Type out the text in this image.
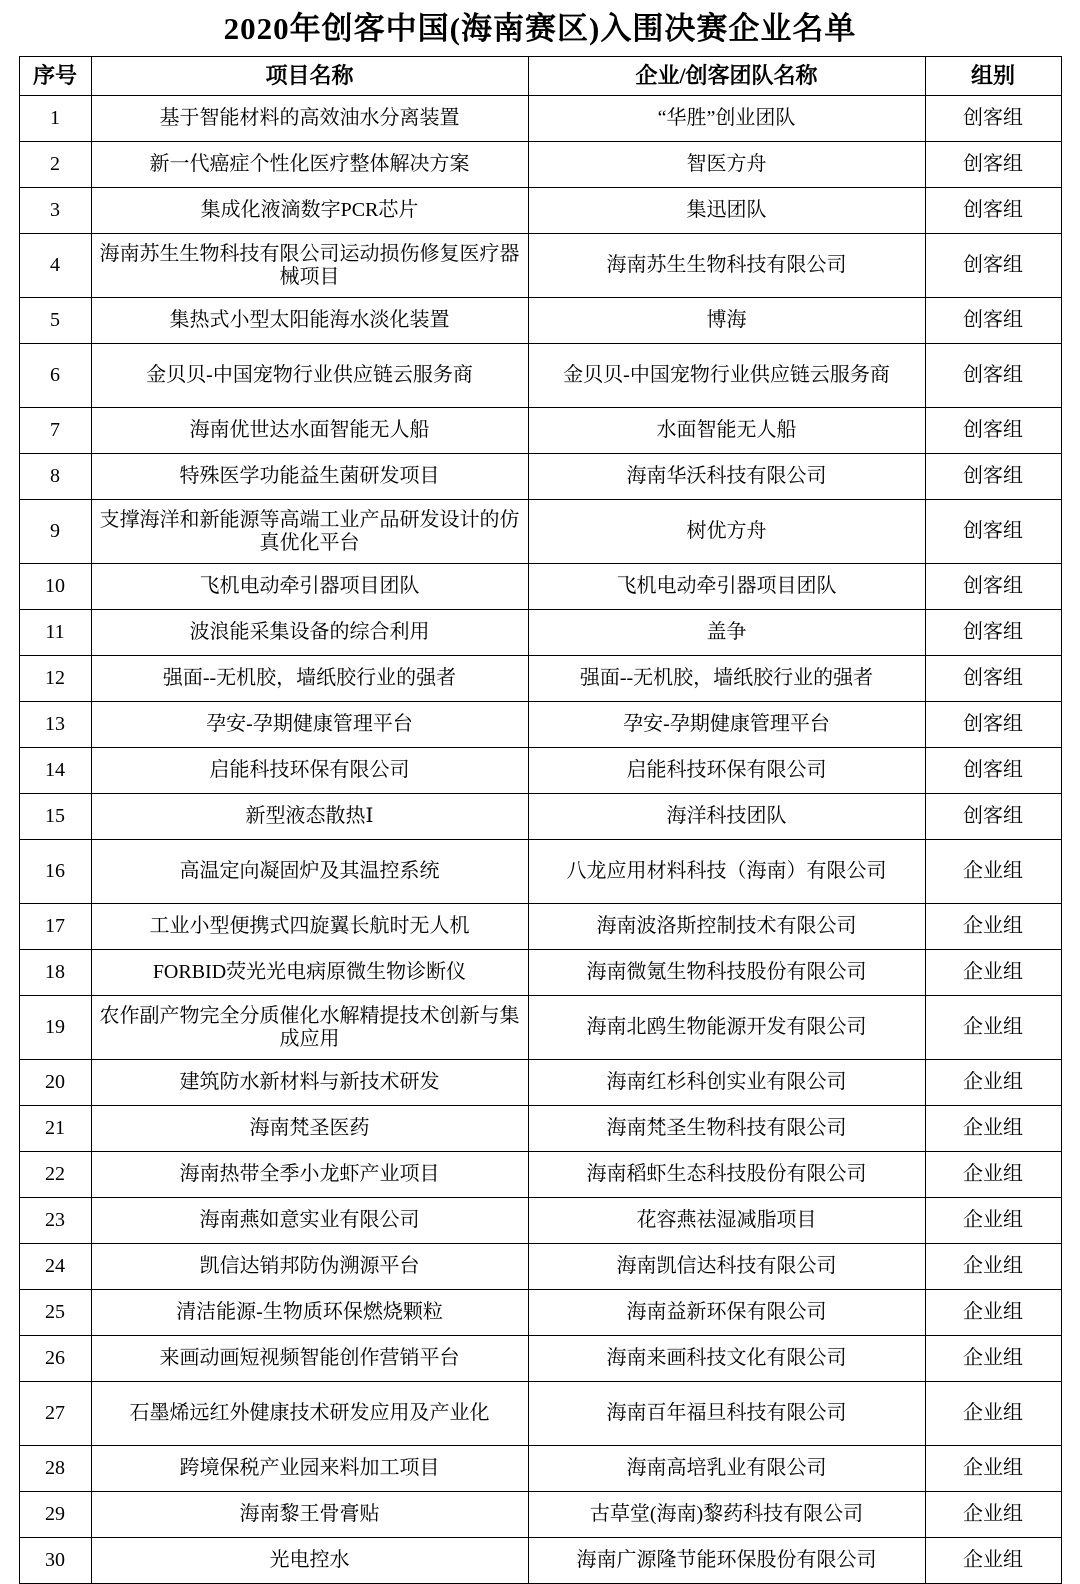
2020年创客中国(海南赛区)入围决赛企业名单
序号	项目名称	企业/创客团队名称	组别
1	基于智能材料的高效油水分离装置	“华胜”创业团队	创客组
2	新一代癌症个性化医疗整体解决方案	智医方舟	创客组
3	集成化液滴数字PCR芯片	集迅团队	创客组
4	海南苏生生物科技有限公司运动损伤修复医疗器械项目	海南苏生生物科技有限公司	创客组
5	集热式小型太阳能海水淡化装置	博海	创客组
6	金贝贝-中国宠物行业供应链云服务商	金贝贝-中国宠物行业供应链云服务商	创客组
7	海南优世达水面智能无人船	水面智能无人船	创客组
8	特殊医学功能益生菌研发项目	海南华沃科技有限公司	创客组
9	支撑海洋和新能源等高端工业产品研发设计的仿真优化平台	树优方舟	创客组
10	飞机电动牵引器项目团队	飞机电动牵引器项目团队	创客组
11	波浪能采集设备的综合利用	盖争	创客组
12	强面--无机胶，墙纸胶行业的强者	强面--无机胶，墙纸胶行业的强者	创客组
13	孕安-孕期健康管理平台	孕安-孕期健康管理平台	创客组
14	启能科技环保有限公司	启能科技环保有限公司	创客组
15	新型液态散热Ⅰ	海洋科技团队	创客组
16	高温定向凝固炉及其温控系统	八龙应用材料科技（海南）有限公司	企业组
17	工业小型便携式四旋翼长航时无人机	海南波洛斯控制技术有限公司	企业组
18	FORBID荧光光电病原微生物诊断仪	海南微氪生物科技股份有限公司	企业组
19	农作副产物完全分质催化水解精提技术创新与集成应用	海南北鸥生物能源开发有限公司	企业组
20	建筑防水新材料与新技术研发	海南红杉科创实业有限公司	企业组
21	海南梵圣医药	海南梵圣生物科技有限公司	企业组
22	海南热带全季小龙虾产业项目	海南稻虾生态科技股份有限公司	企业组
23	海南燕如意实业有限公司	花容燕祛湿减脂项目	企业组
24	凯信达销邦防伪溯源平台	海南凯信达科技有限公司	企业组
25	清洁能源-生物质环保燃烧颗粒	海南益新环保有限公司	企业组
26	来画动画短视频智能创作营销平台	海南来画科技文化有限公司	企业组
27	石墨烯远红外健康技术研发应用及产业化	海南百年福旦科技有限公司	企业组
28	跨境保税产业园来料加工项目	海南高培乳业有限公司	企业组
29	海南黎王骨膏贴	古草堂(海南)黎药科技有限公司	企业组
30	光电控水	海南广源隆节能环保股份有限公司	企业组
